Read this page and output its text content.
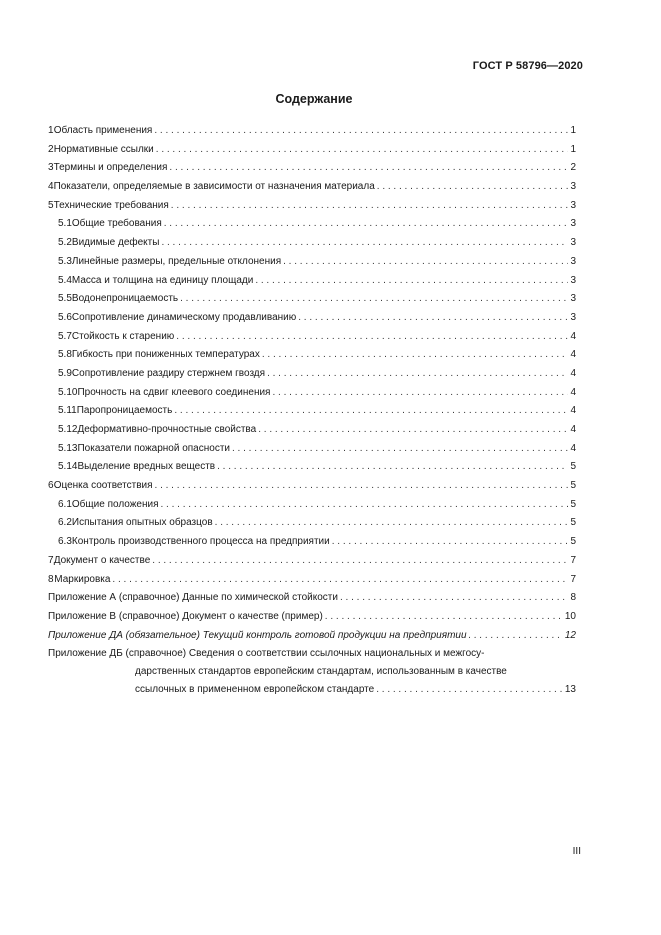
ГОСТ Р 58796—2020
Содержание
1 Область применения . . .	1
2 Нормативные ссылки . . .	1
3 Термины и определения . . .	2
4 Показатели, определяемые в зависимости от назначения материала . . .	3
5 Технические требования . . .	3
5.1 Общие требования . . .	3
5.2 Видимые дефекты . . .	3
5.3 Линейные размеры, предельные отклонения . . .	3
5.4 Масса и толщина на единицу площади . . .	3
5.5 Водонепроницаемость . . .	3
5.6 Сопротивление динамическому продавливанию . . .	3
5.7 Стойкость к старению . . .	4
5.8 Гибкость при пониженных температурах . . .	4
5.9 Сопротивление раздиру стержнем гвоздя . . .	4
5.10 Прочность на сдвиг клеевого соединения . . .	4
5.11 Паропроницаемость . . .	4
5.12 Деформативно-прочностные свойства . . .	4
5.13 Показатели пожарной опасности . . .	4
5.14 Выделение вредных веществ . . .	5
6 Оценка соответствия . . .	5
6.1 Общие положения . . .	5
6.2 Испытания опытных образцов . . .	5
6.3 Контроль производственного процесса на предприятии . . .	5
7 Документ о качестве . . .	7
8 Маркировка . . .	7
Приложение А (справочное) Данные по химической стойкости . . .	8
Приложение В (справочное) Документ о качестве (пример) . . .	10
Приложение ДА (обязательное) Текущий контроль готовой продукции на предприятии . . .	12
Приложение ДБ (справочное) Сведения о соответствии ссылочных национальных и межгосу-
дарственных стандартов европейским стандартам, использованным в качестве
ссылочных в примененном европейском стандарте . . .	13
III
